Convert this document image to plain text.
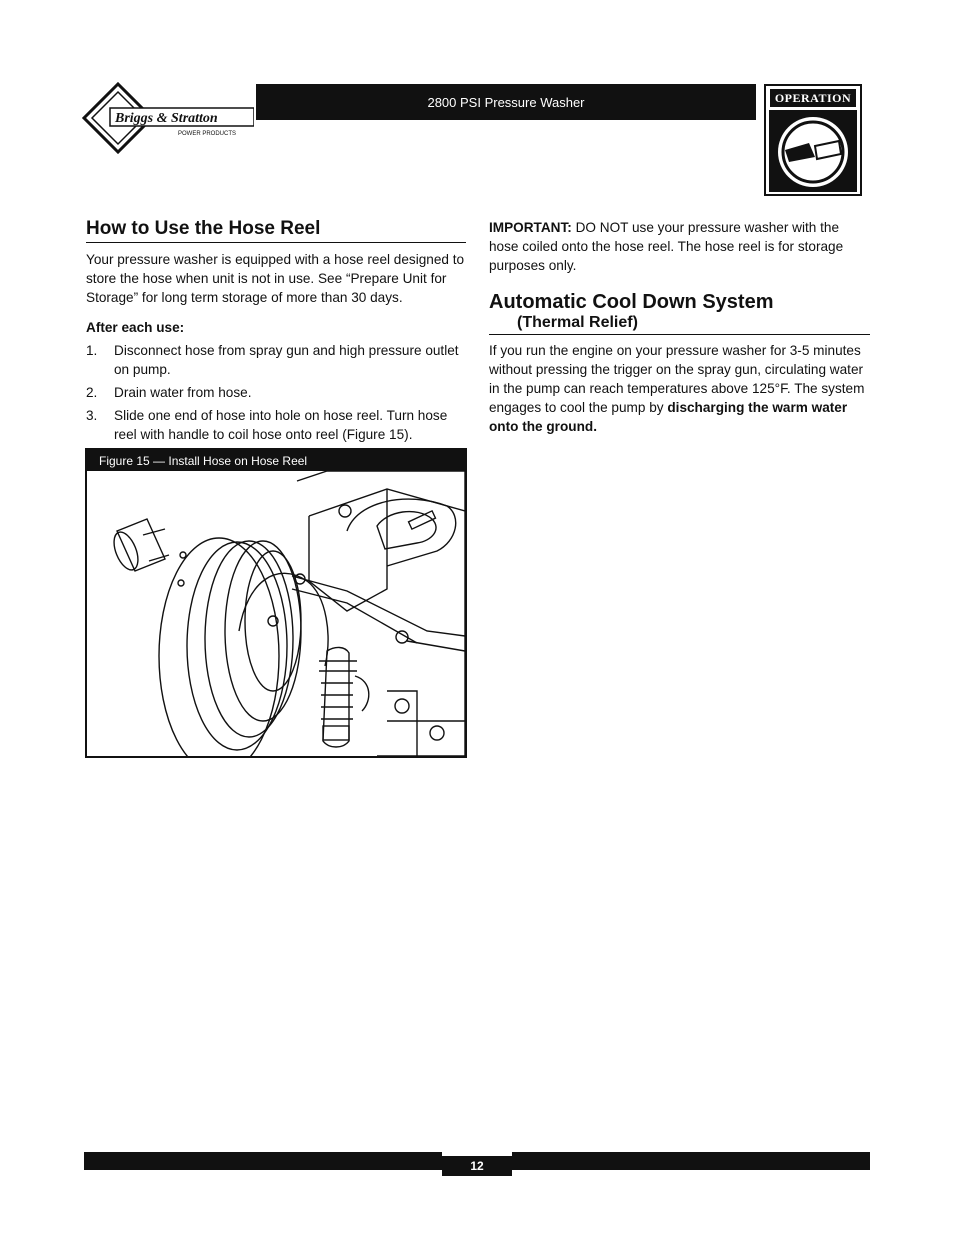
Briggs & Stratton
POWER PRODUCTS
2800 PSI Pressure Washer	OPERATION
How to Use the Hose Reel

Your pressure washer is equipped with a hose reel designed to store the hose when unit is not in use. See “Prepare Unit for Storage” for long term storage of more than 30 days.

After each use:

1. Disconnect hose from spray gun and high pressure outlet on pump.
2. Drain water from hose.
3. Slide one end of hose into hole on hose reel. Turn hose reel with handle to coil hose onto reel (Figure 15).
Figure 15 — Install Hose on Hose Reel

IMPORTANT: DO NOT use your pressure washer with the hose coiled onto the hose reel. The hose reel is for storage purposes only.

Automatic Cool Down System
(Thermal Relief)

If you run the engine on your pressure washer for 3-5 minutes without pressing the trigger on the spray gun, circulating water in the pump can reach temperatures above 125°F. The system engages to cool the pump by discharging the warm water onto the ground.

12
